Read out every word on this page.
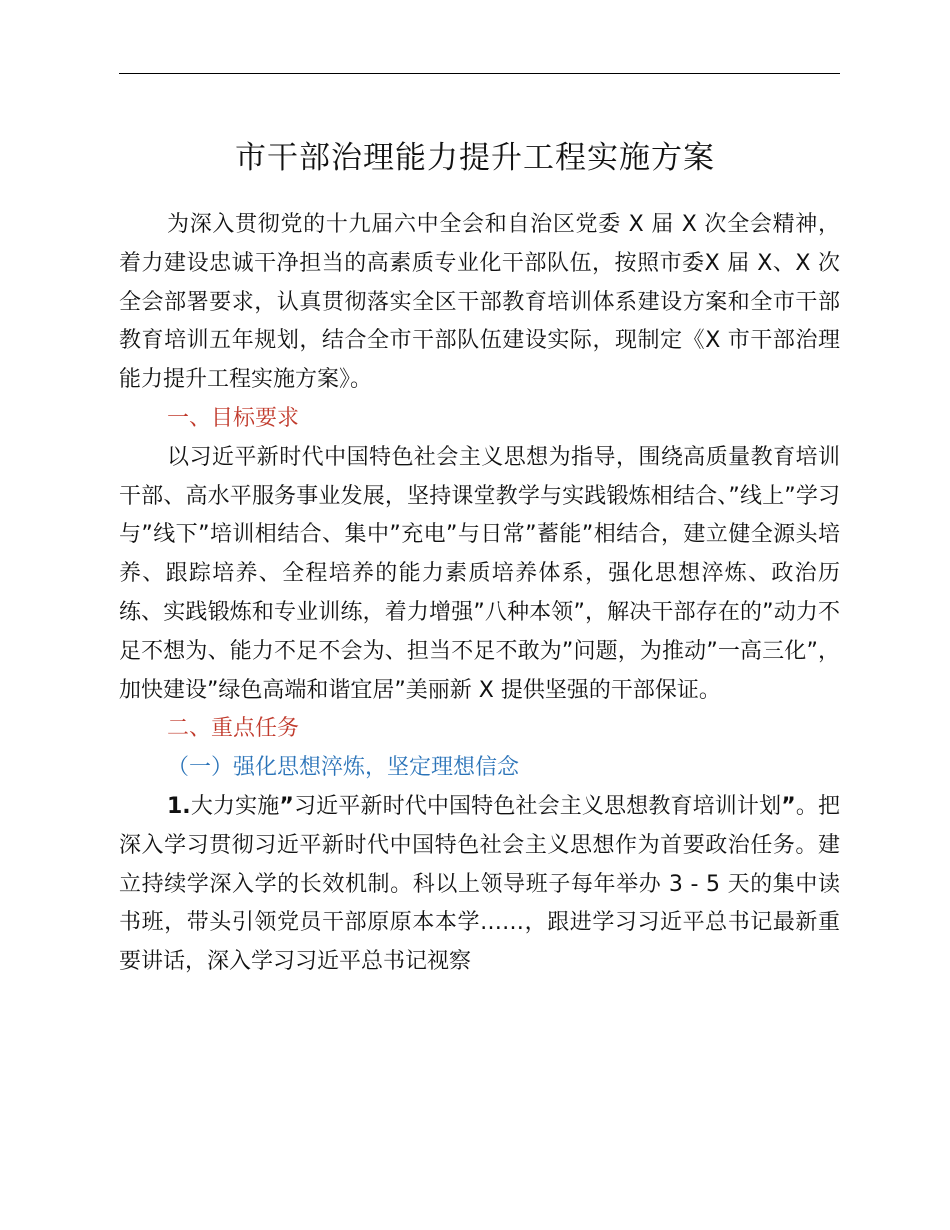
市干部治理能力提升工程实施方案

为深入贯彻党的十九届六中全会和自治区党委 X 届 X 次全会精神，着力建设忠诚干净担当的高素质专业化干部队伍，按照市委X 届 X、X 次全会部署要求，认真贯彻落实全区干部教育培训体系建设方案和全市干部教育培训五年规划，结合全市干部队伍建设实际，现制定《X 市干部治理能力提升工程实施方案》。

一、目标要求

以习近平新时代中国特色社会主义思想为指导，围绕高质量教育培训干部、高水平服务事业发展，坚持课堂教学与实践锻炼相结合、”线上”学习与”线下”培训相结合、集中”充电”与日常”蓄能”相结合，建立健全源头培养、跟踪培养、全程培养的能力素质培养体系，强化思想淬炼、政治历练、实践锻炼和专业训练，着力增强”八种本领”，解决干部存在的”动力不足不想为、能力不足不会为、担当不足不敢为”问题，为推动”一高三化”，加快建设”绿色高端和谐宜居”美丽新 X 提供坚强的干部保证。

二、重点任务

（一）强化思想淬炼，坚定理想信念

1.大力实施”习近平新时代中国特色社会主义思想教育培训计划”。把深入学习贯彻习近平新时代中国特色社会主义思想作为首要政治任务。建立持续学深入学的长效机制。科以上领导班子每年举办 3 - 5 天的集中读书班，带头引领党员干部原原本本学……，跟进学习习近平总书记最新重要讲话，深入学习习近平总书记视察
